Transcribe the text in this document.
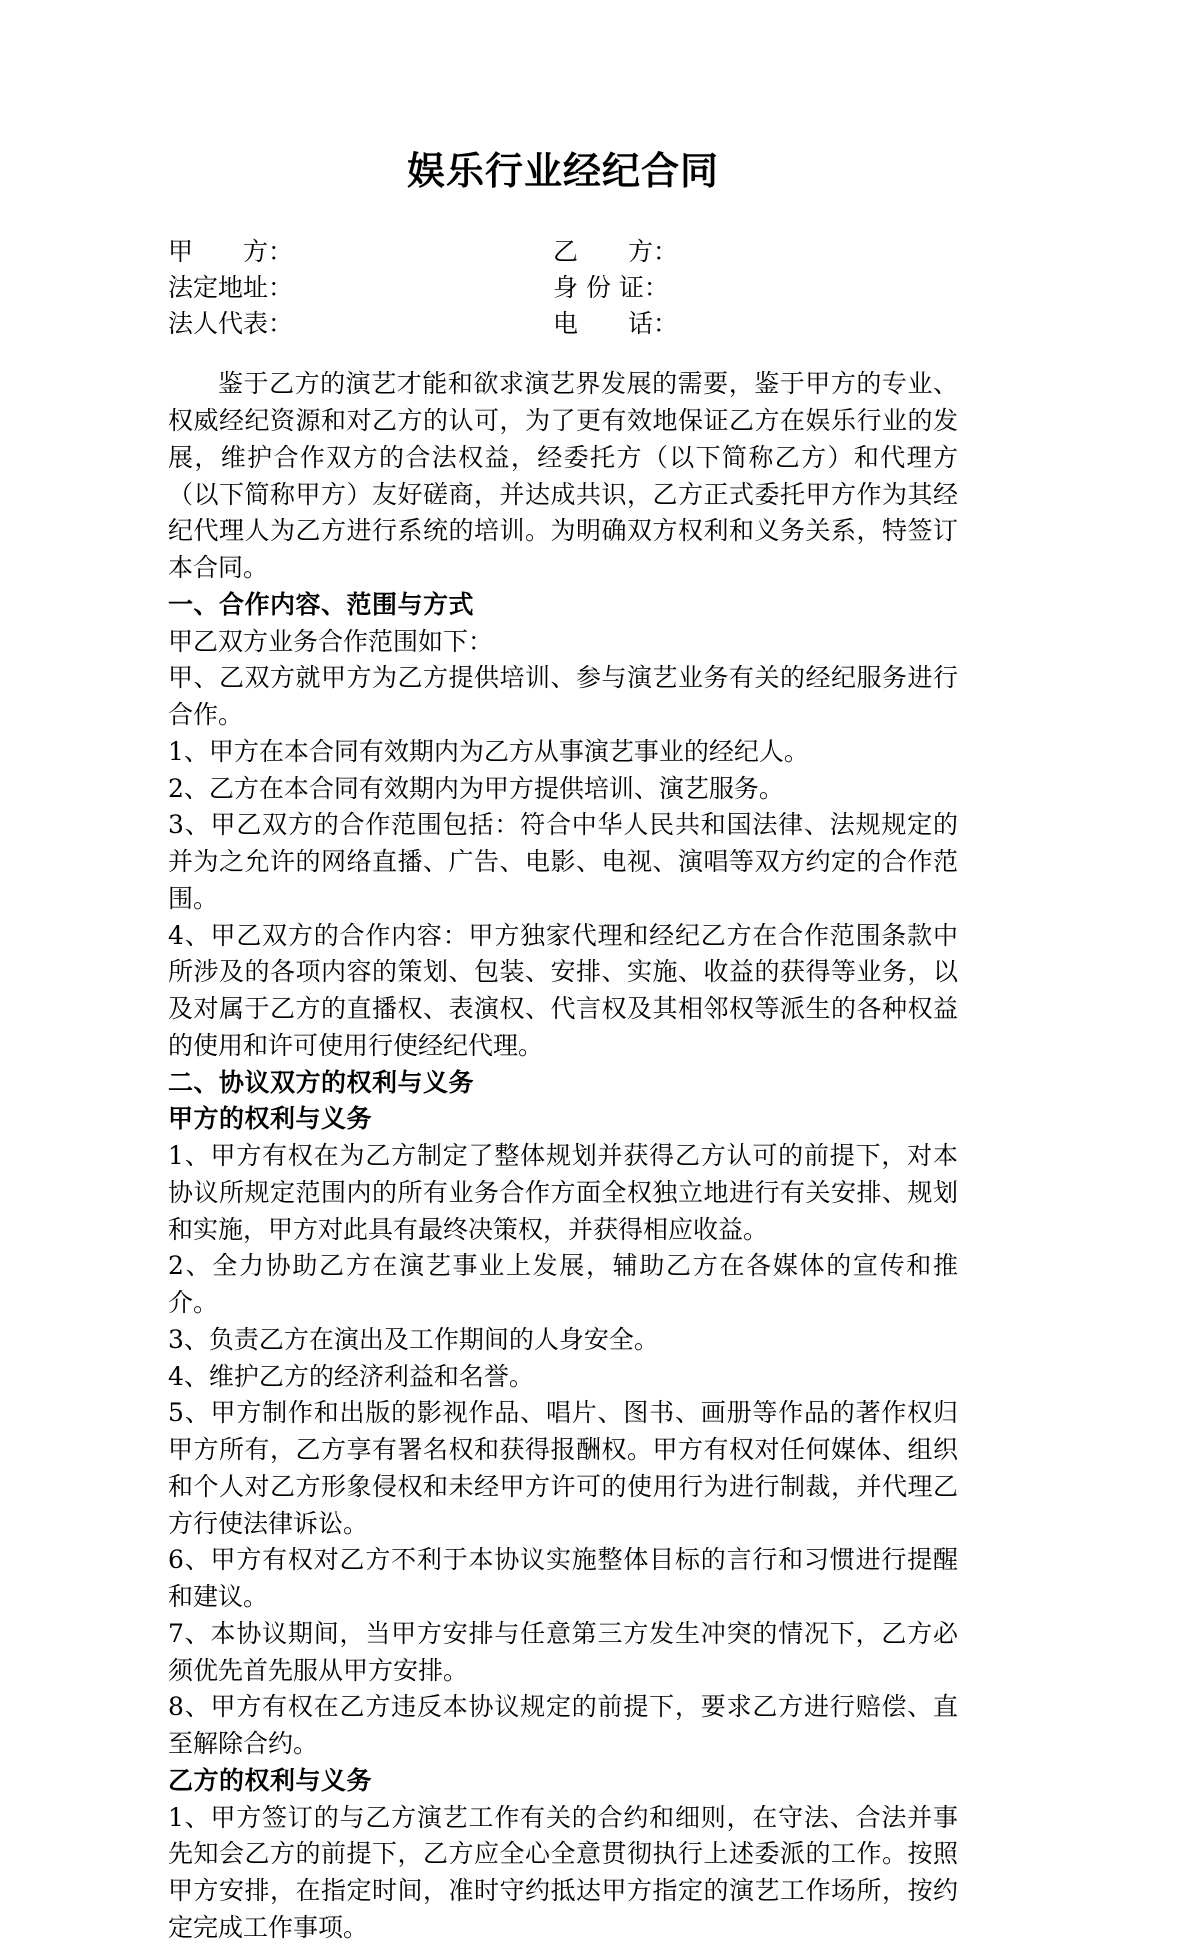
娱乐行业经纪合同
甲　　方：	乙　　方：
法定地址：	身 份 证：
法人代表：	电　　话：

鉴于乙方的演艺才能和欲求演艺界发展的需要，鉴于甲方的专业、权威经纪资源和对乙方的认可，为了更有效地保证乙方在娱乐行业的发展，维护合作双方的合法权益，经委托方（以下简称乙方）和代理方（以下简称甲方）友好磋商，并达成共识，乙方正式委托甲方作为其经纪代理人为乙方进行系统的培训。为明确双方权利和义务关系，特签订本合同。

一、合作内容、范围与方式

甲乙双方业务合作范围如下：

甲、乙双方就甲方为乙方提供培训、参与演艺业务有关的经纪服务进行合作。

1、甲方在本合同有效期内为乙方从事演艺事业的经纪人。

2、乙方在本合同有效期内为甲方提供培训、演艺服务。

3、甲乙双方的合作范围包括：符合中华人民共和国法律、法规规定的并为之允许的网络直播、广告、电影、电视、演唱等双方约定的合作范围。

4、甲乙双方的合作内容：甲方独家代理和经纪乙方在合作范围条款中所涉及的各项内容的策划、包装、安排、实施、收益的获得等业务，以及对属于乙方的直播权、表演权、代言权及其相邻权等派生的各种权益的使用和许可使用行使经纪代理。

二、协议双方的权利与义务
甲方的权利与义务

1、甲方有权在为乙方制定了整体规划并获得乙方认可的前提下，对本协议所规定范围内的所有业务合作方面全权独立地进行有关安排、规划和实施，甲方对此具有最终决策权，并获得相应收益。

2、全力协助乙方在演艺事业上发展，辅助乙方在各媒体的宣传和推介。

3、负责乙方在演出及工作期间的人身安全。

4、维护乙方的经济利益和名誉。

5、甲方制作和出版的影视作品、唱片、图书、画册等作品的著作权归甲方所有，乙方享有署名权和获得报酬权。甲方有权对任何媒体、组织和个人对乙方形象侵权和未经甲方许可的使用行为进行制裁，并代理乙方行使法律诉讼。

6、甲方有权对乙方不利于本协议实施整体目标的言行和习惯进行提醒和建议。

7、本协议期间，当甲方安排与任意第三方发生冲突的情况下，乙方必须优先首先服从甲方安排。

8、甲方有权在乙方违反本协议规定的前提下，要求乙方进行赔偿、直至解除合约。

乙方的权利与义务

1、甲方签订的与乙方演艺工作有关的合约和细则，在守法、合法并事先知会乙方的前提下，乙方应全心全意贯彻执行上述委派的工作。按照甲方安排，在指定时间，准时守约抵达甲方指定的演艺工作场所，按约定完成工作事项。
